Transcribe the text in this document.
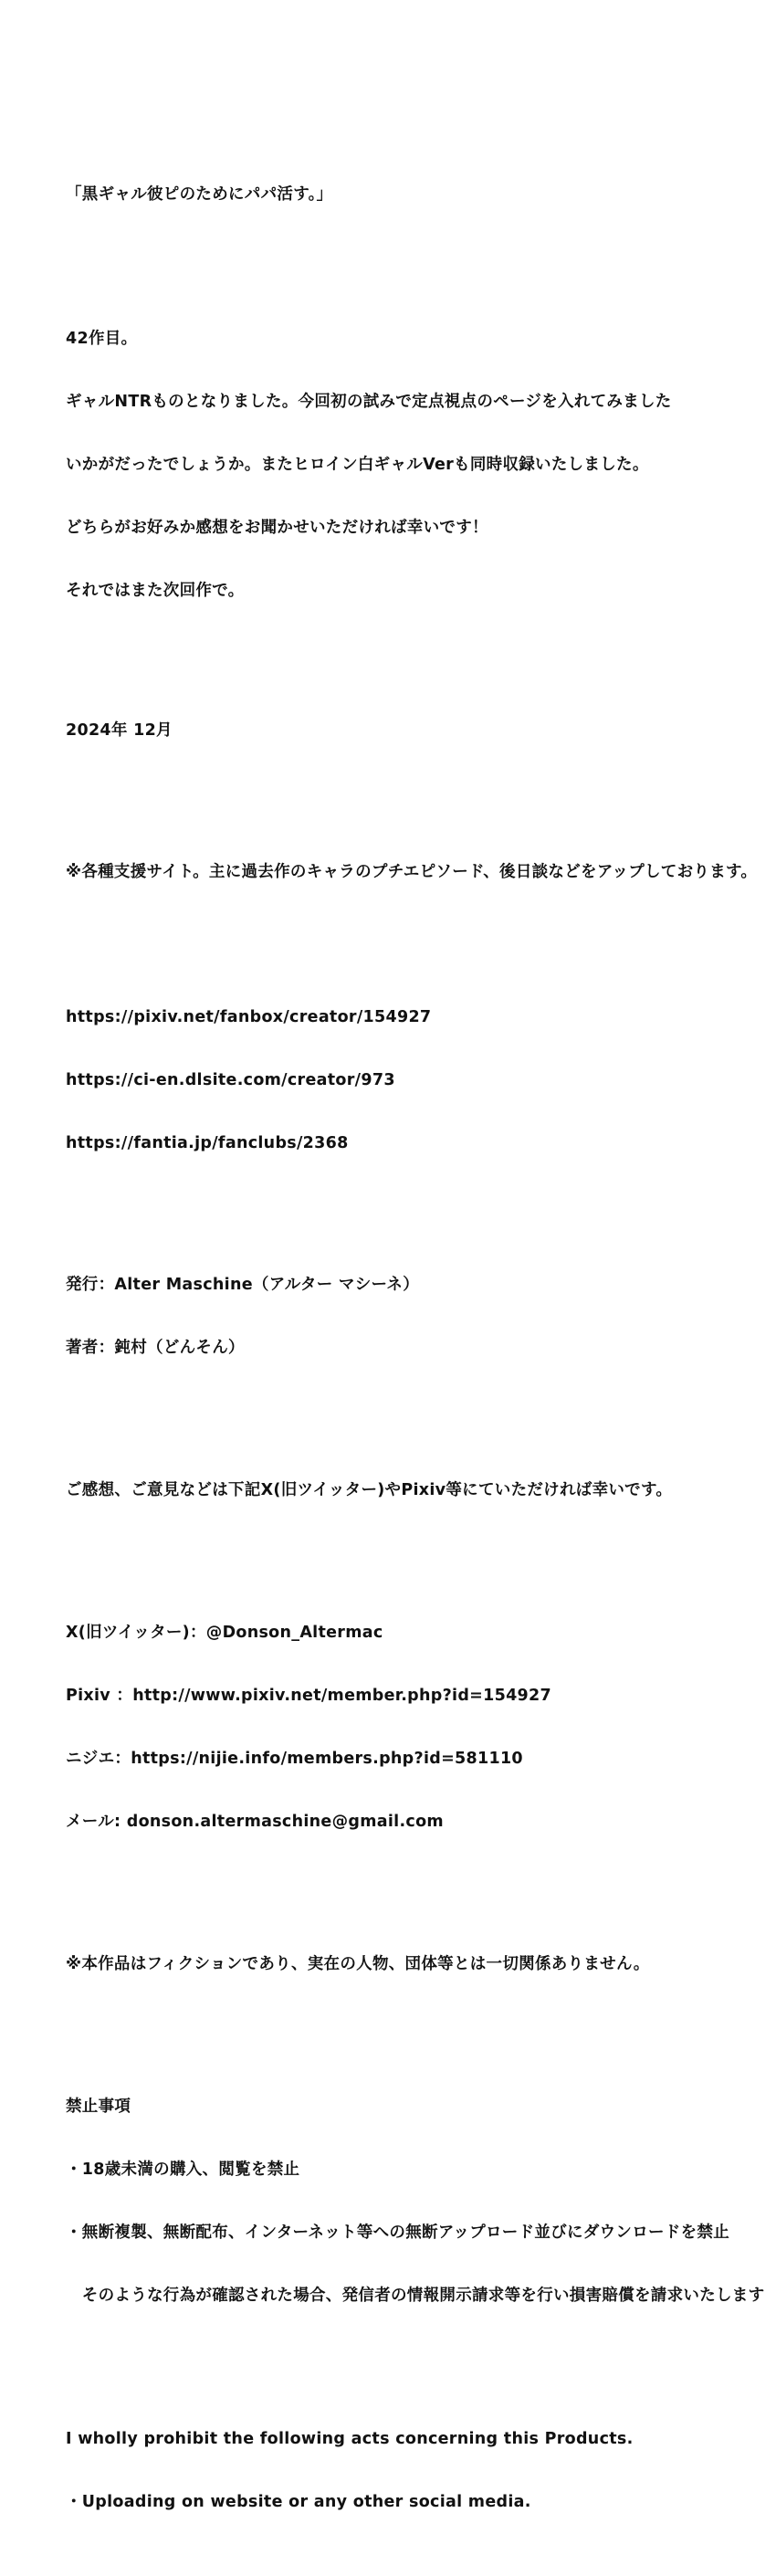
「黒ギャル彼ピのためにパパ活す。」

42作目。

ギャルNTRものとなりました。今回初の試みで定点視点のページを入れてみました

いかがだったでしょうか。またヒロイン白ギャルVerも同時収録いたしました。

どちらがお好みか感想をお聞かせいただければ幸いです！

それではまた次回作で。

2024年 12月

※各種支援サイト。主に過去作のキャラのプチエピソード、後日談などをアップしております。

https://pixiv.net/fanbox/creator/154927

https://ci-en.dlsite.com/creator/973

https://fantia.jp/fanclubs/2368

発行：Alter Maschine（アルター マシーネ）

著者：鈍村（どんそん）

ご感想、ご意見などは下記X(旧ツイッター)やPixiv等にていただければ幸いです。

X(旧ツイッター)：@Donson_Altermac

Pixiv ：http://www.pixiv.net/member.php?id=154927

ニジエ：https://nijie.info/members.php?id=581110

メール: donson.altermaschine@gmail.com

※本作品はフィクションであり、実在の人物、団体等とは一切関係ありません。

禁止事項

・18歳未満の購入、閲覧を禁止

・無断複製、無断配布、インターネット等への無断アップロード並びにダウンロードを禁止

　そのような行為が確認された場合、発信者の情報開示請求等を行い損害賠償を請求いたします

I wholly prohibit the following acts concerning this Products.

・Uploading on website or any other social media.
